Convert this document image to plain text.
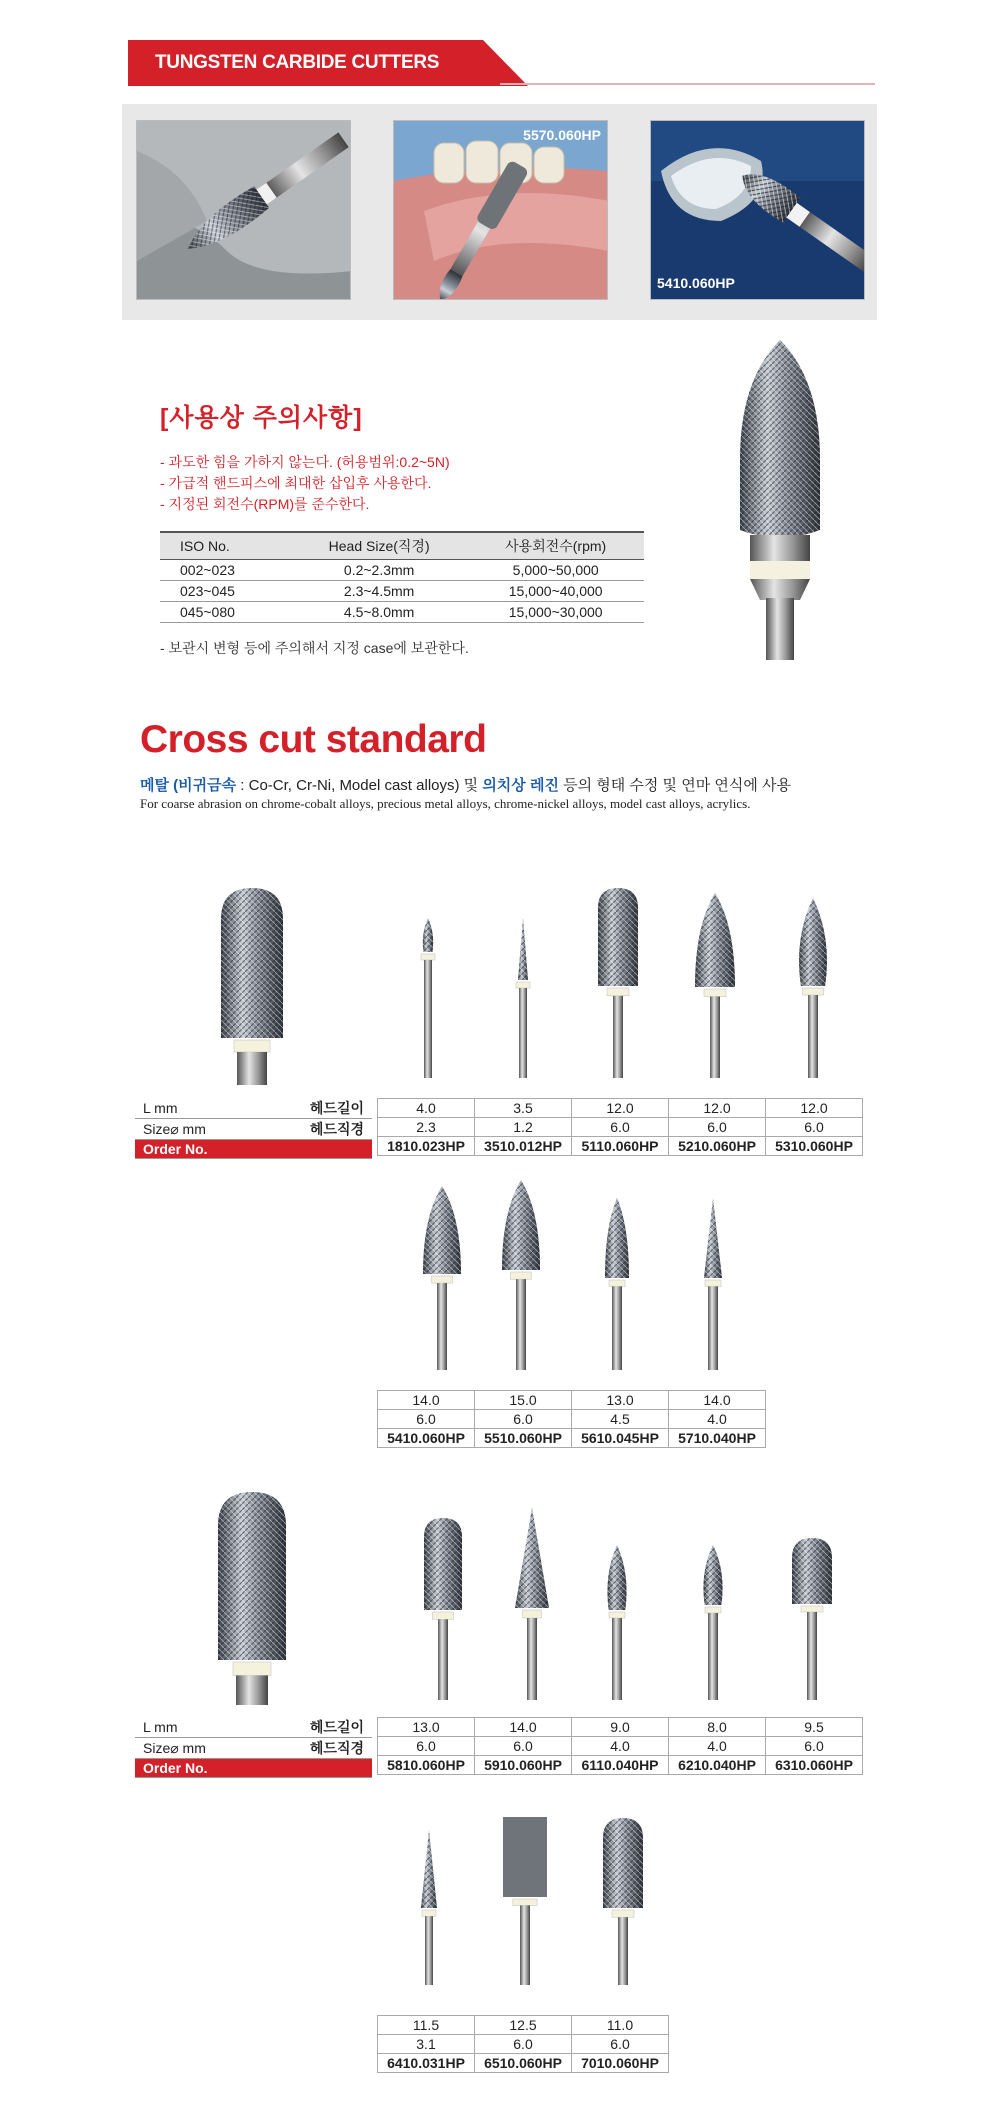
TUNGSTEN CARBIDE CUTTERS
5570.060HP
5410.060HP
[사용상 주의사항]
- 과도한 힘을 가하지 않는다. (허용범위:0.2~5N)
- 가급적 핸드피스에 최대한 삽입후 사용한다.
- 지정된 회전수(RPM)를 준수한다.
ISO No.	Head Size(직경)	사용회전수(rpm)
002~023	0.2~2.3mm	5,000~50,000
023~045	2.3~4.5mm	15,000~40,000
045~080	4.5~8.0mm	15,000~30,000
- 보관시 변형 등에 주의해서 지정 case에 보관한다.
Cross cut standard
메탈 (비귀금속 : Co-Cr, Cr-Ni, Model cast alloys) 및 의치상 레진 등의 형태 수정 및 연마 연식에 사용
For coarse abrasion on chrome-cobalt alloys, precious metal alloys, chrome-nickel alloys, model cast alloys, acrylics.
L mm	헤드길이
Size⌀ mm	헤드직경
Order No.	
4.0	3.5	12.0	12.0	12.0
2.3	1.2	6.0	6.0	6.0
1810.023HP	3510.012HP	5110.060HP	5210.060HP	5310.060HP
14.0	15.0	13.0	14.0
6.0	6.0	4.5	4.0
5410.060HP	5510.060HP	5610.045HP	5710.040HP
L mm	헤드길이
Size⌀ mm	헤드직경
Order No.	
13.0	14.0	9.0	8.0	9.5
6.0	6.0	4.0	4.0	6.0
5810.060HP	5910.060HP	6110.040HP	6210.040HP	6310.060HP
11.5	12.5	11.0
3.1	6.0	6.0
6410.031HP	6510.060HP	7010.060HP
